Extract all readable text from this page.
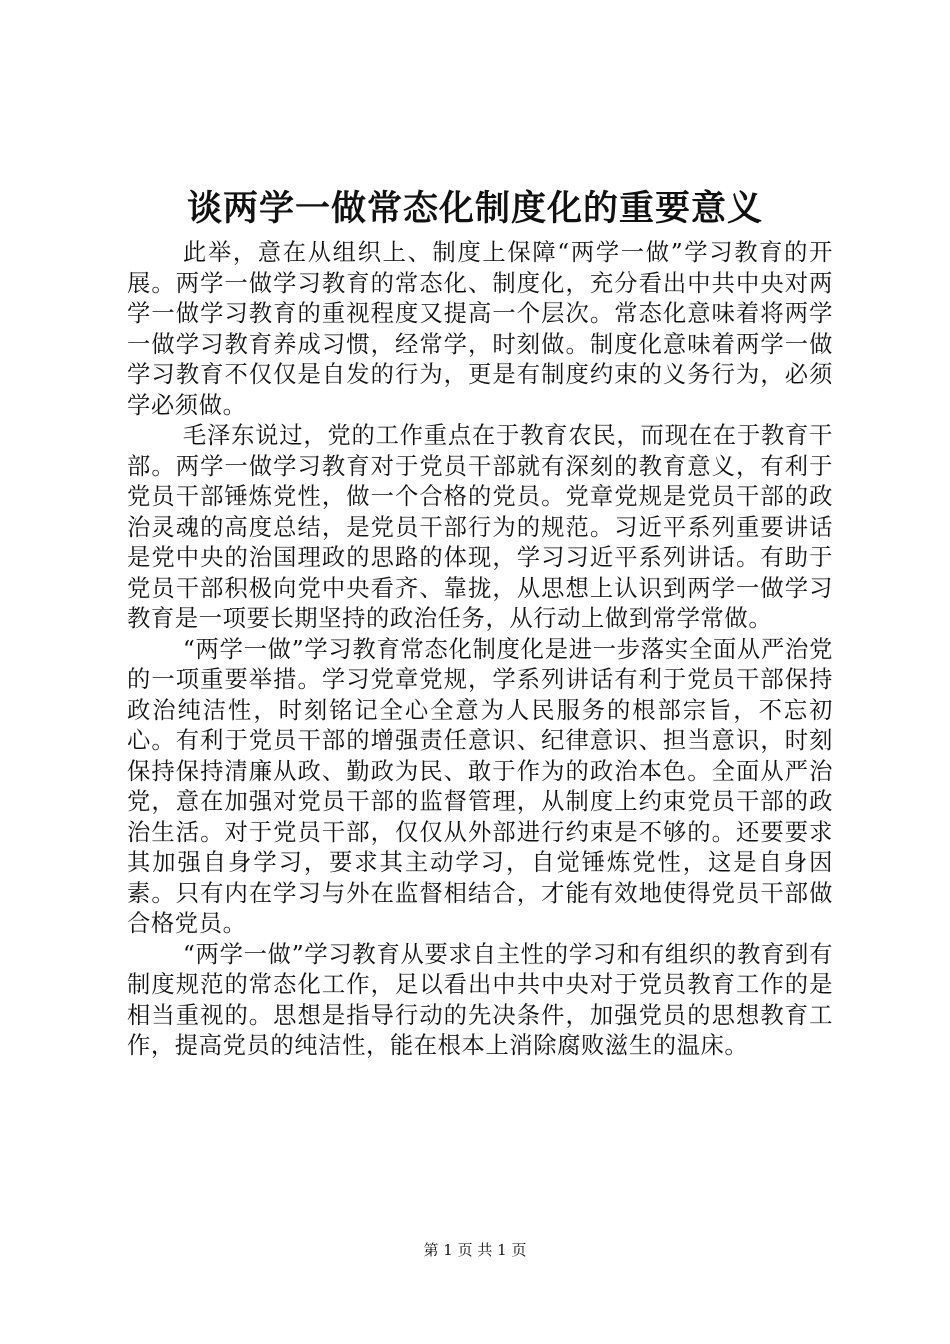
谈两学一做常态化制度化的重要意义

此举，意在从组织上、制度上保障“两学一做”学习教育的开展。两学一做学习教育的常态化、制度化，充分看出中共中央对两学一做学习教育的重视程度又提高一个层次。常态化意味着将两学一做学习教育养成习惯，经常学，时刻做。制度化意味着两学一做学习教育不仅仅是自发的行为，更是有制度约束的义务行为，必须学必须做。

毛泽东说过，党的工作重点在于教育农民，而现在在于教育干部。两学一做学习教育对于党员干部就有深刻的教育意义，有利于党员干部锤炼党性，做一个合格的党员。党章党规是党员干部的政治灵魂的高度总结，是党员干部行为的规范。习近平系列重要讲话是党中央的治国理政的思路的体现，学习习近平系列讲话。有助于党员干部积极向党中央看齐、靠拢，从思想上认识到两学一做学习教育是一项要长期坚持的政治任务，从行动上做到常学常做。

“两学一做”学习教育常态化制度化是进一步落实全面从严治党的一项重要举措。学习党章党规，学系列讲话有利于党员干部保持政治纯洁性，时刻铭记全心全意为人民服务的根部宗旨，不忘初心。有利于党员干部的增强责任意识、纪律意识、担当意识，时刻保持保持清廉从政、勤政为民、敢于作为的政治本色。全面从严治党，意在加强对党员干部的监督管理，从制度上约束党员干部的政治生活。对于党员干部，仅仅从外部进行约束是不够的。还要要求其加强自身学习，要求其主动学习，自觉锤炼党性，这是自身因素。只有内在学习与外在监督相结合，才能有效地使得党员干部做合格党员。

“两学一做”学习教育从要求自主性的学习和有组织的教育到有制度规范的常态化工作，足以看出中共中央对于党员教育工作的是相当重视的。思想是指导行动的先决条件，加强党员的思想教育工作，提高党员的纯洁性，能在根本上消除腐败滋生的温床。

第 1 页 共 1 页
